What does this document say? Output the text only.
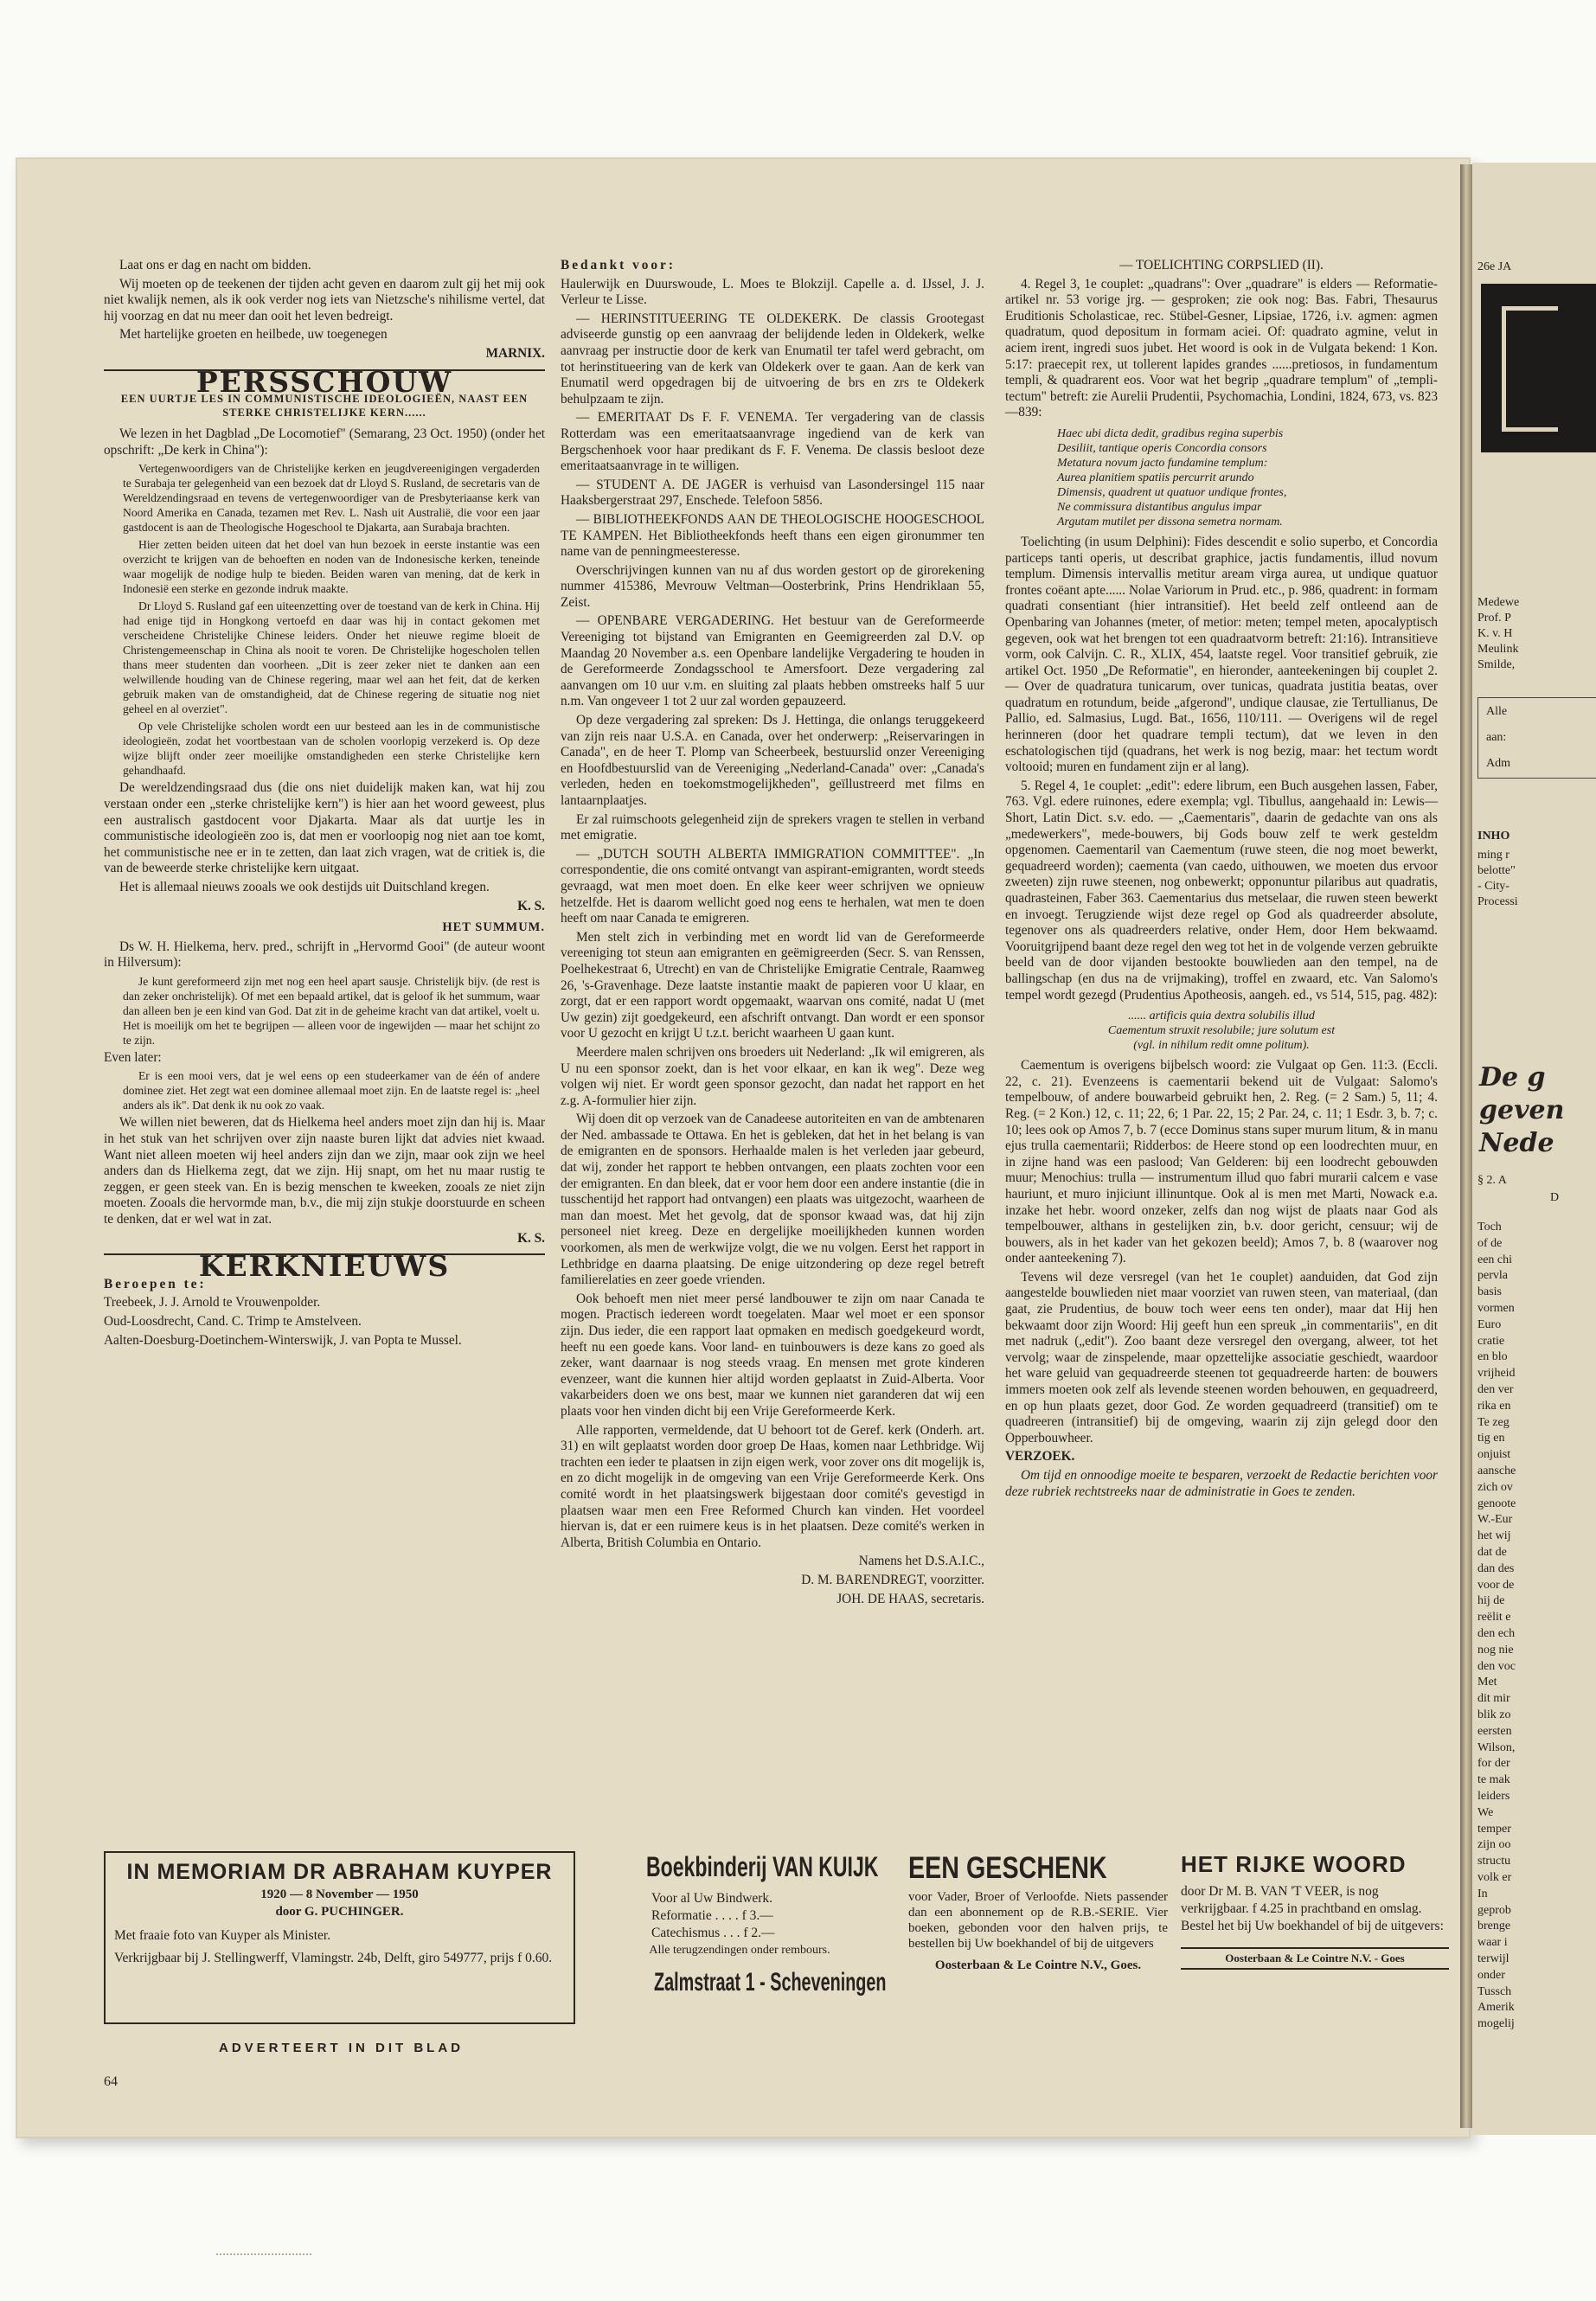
Laat ons er dag en nacht om bidden.

Wij moeten op de teekenen der tijden acht geven en daarom zult gij het mij ook niet kwalijk nemen, als ik ook verder nog iets van Nietzsche's nihilisme vertel, dat hij voorzag en dat nu meer dan ooit het leven bedreigt.

Met hartelijke groeten en heilbede, uw toegenegen

MARNIX.

PERSSCHOUW
EEN UURTJE LES IN COMMUNISTISCHE IDEOLOGIEËN, NAAST EEN STERKE CHRISTELIJKE KERN......

We lezen in het Dagblad „De Locomotief" (Semarang, 23 Oct. 1950) (onder het opschrift: „De kerk in China"):

Vertegenwoordigers van de Christelijke kerken en jeugdvereenigingen vergaderden te Surabaja ter gelegenheid van een bezoek dat dr Lloyd S. Rusland, de secretaris van de Wereldzendingsraad en tevens de vertegenwoordiger van de Presbyteriaanse kerk van Noord Amerika en Canada, tezamen met Rev. L. Nash uit Australië, die voor een jaar gastdocent is aan de Theologische Hogeschool te Djakarta, aan Surabaja brachten.

Hier zetten beiden uiteen dat het doel van hun bezoek in eerste instantie was een overzicht te krijgen van de behoeften en noden van de Indonesische kerken, teneinde waar mogelijk de nodige hulp te bieden. Beiden waren van mening, dat de kerk in Indonesië een sterke en gezonde indruk maakte.

Dr Lloyd S. Rusland gaf een uiteenzetting over de toestand van de kerk in China. Hij had enige tijd in Hongkong vertoefd en daar was hij in contact gekomen met verscheidene Christelijke Chinese leiders. Onder het nieuwe regime bloeit de Christengemeenschap in China als nooit te voren. De Christelijke hogescholen tellen thans meer studenten dan voorheen. „Dit is zeer zeker niet te danken aan een welwillende houding van de Chinese regering, maar wel aan het feit, dat de kerken gebruik maken van de omstandigheid, dat de Chinese regering de situatie nog niet geheel en al overziet".

Op vele Christelijke scholen wordt een uur besteed aan les in de communistische ideologieën, zodat het voortbestaan van de scholen voorlopig verzekerd is. Op deze wijze blijft onder zeer moeilijke omstandigheden een sterke Christelijke kern gehandhaafd.

De wereldzendingsraad dus (die ons niet duidelijk maken kan, wat hij zou verstaan onder een „sterke christelijke kern") is hier aan het woord geweest, plus een australisch gastdocent voor Djakarta. Maar als dat uurtje les in communistische ideologieën zoo is, dat men er voorloopig nog niet aan toe komt, het communistische nee er in te zetten, dan laat zich vragen, wat de critiek is, die van de beweerde sterke christelijke kern uitgaat.

Het is allemaal nieuws zooals we ook destijds uit Duitschland kregen.

K. S.

HET SUMMUM.

Ds W. H. Hielkema, herv. pred., schrijft in „Hervormd Gooi" (de auteur woont in Hilversum):

Je kunt gereformeerd zijn met nog een heel apart sausje. Christelijk bijv. (de rest is dan zeker onchristelijk). Of met een bepaald artikel, dat is geloof ik het summum, waar dan alleen ben je een kind van God. Dat zit in de geheime kracht van dat artikel, voelt u. Het is moeilijk om het te begrijpen — alleen voor de ingewijden — maar het schijnt zo te zijn.

Even later:

Er is een mooi vers, dat je wel eens op een studeerkamer van de één of andere dominee ziet. Het zegt wat een dominee allemaal moet zijn. En de laatste regel is: „heel anders als ik". Dat denk ik nu ook zo vaak.

We willen niet beweren, dat ds Hielkema heel anders moet zijn dan hij is. Maar in het stuk van het schrijven over zijn naaste buren lijkt dat advies niet kwaad. Want niet alleen moeten wij heel anders zijn dan we zijn, maar ook zijn we heel anders dan ds Hielkema zegt, dat we zijn. Hij snapt, om het nu maar rustig te zeggen, er geen steek van. En is bezig menschen te kweeken, zooals ze niet zijn moeten. Zooals die hervormde man, b.v., die mij zijn stukje doorstuurde en scheen te denken, dat er wel wat in zat.

K. S.

KERKNIEUWS

Beroepen te:

Treebeek, J. J. Arnold te Vrouwenpolder.

Oud-Loosdrecht, Cand. C. Trimp te Amstelveen.

Aalten-Doesburg-Doetinchem-Winterswijk, J. van Popta te Mussel.

Bedankt voor:

Haulerwijk en Duurswoude, L. Moes te Blokzijl. Capelle a. d. IJssel, J. J. Verleur te Lisse.

— HERINSTITUEERING TE OLDEKERK. De classis Grootegast adviseerde gunstig op een aanvraag der belijdende leden in Oldekerk, welke aanvraag per instructie door de kerk van Enumatil ter tafel werd gebracht, om tot herinstitueering van de kerk van Oldekerk over te gaan. Aan de kerk van Enumatil werd opgedragen bij de uitvoering de brs en zrs te Oldekerk behulpzaam te zijn.

— EMERITAAT Ds F. F. VENEMA. Ter vergadering van de classis Rotterdam was een emeritaatsaanvrage ingediend van de kerk van Bergschenhoek voor haar predikant ds F. F. Venema. De classis besloot deze emeritaatsaanvrage in te willigen.

— STUDENT A. DE JAGER is verhuisd van Lasondersingel 115 naar Haaksbergerstraat 297, Enschede. Telefoon 5856.

— BIBLIOTHEEKFONDS AAN DE THEOLOGISCHE HOOGESCHOOL TE KAMPEN. Het Bibliotheekfonds heeft thans een eigen gironummer ten name van de penningmeesteresse.

Overschrijvingen kunnen van nu af dus worden gestort op de girorekening nummer 415386, Mevrouw Veltman—Oosterbrink, Prins Hendriklaan 55, Zeist.

— OPENBARE VERGADERING. Het bestuur van de Gereformeerde Vereeniging tot bijstand van Emigranten en Geemigreerden zal D.V. op Maandag 20 November a.s. een Openbare landelijke Vergadering te houden in de Gereformeerde Zondagsschool te Amersfoort. Deze vergadering zal aanvangen om 10 uur v.m. en sluiting zal plaats hebben omstreeks half 5 uur n.m. Van ongeveer 1 tot 2 uur zal worden gepauzeerd.

Op deze vergadering zal spreken: Ds J. Hettinga, die onlangs teruggekeerd van zijn reis naar U.S.A. en Canada, over het onderwerp: „Reiservaringen in Canada", en de heer T. Plomp van Scheerbeek, bestuurslid onzer Vereeniging en Hoofdbestuurslid van de Vereeniging „Nederland-Canada" over: „Canada's verleden, heden en toekomstmogelijkheden", geïllustreerd met films en lantaarnplaatjes.

Er zal ruimschoots gelegenheid zijn de sprekers vragen te stellen in verband met emigratie.

— „DUTCH SOUTH ALBERTA IMMIGRATION COMMITTEE". „In correspondentie, die ons comité ontvangt van aspirant-emigranten, wordt steeds gevraagd, wat men moet doen. En elke keer weer schrijven we opnieuw hetzelfde. Het is daarom wellicht goed nog eens te herhalen, wat men te doen heeft om naar Canada te emigreren.

Men stelt zich in verbinding met en wordt lid van de Gereformeerde vereeniging tot steun aan emigranten en geëmigreerden (Secr. S. van Renssen, Poelhekestraat 6, Utrecht) en van de Christelijke Emigratie Centrale, Raamweg 26, 's-Gravenhage. Deze laatste instantie maakt de papieren voor U klaar, en zorgt, dat er een rapport wordt opgemaakt, waarvan ons comité, nadat U (met Uw gezin) zijt goedgekeurd, een afschrift ontvangt. Dan wordt er een sponsor voor U gezocht en krijgt U t.z.t. bericht waarheen U gaan kunt.

Meerdere malen schrijven ons broeders uit Nederland: „Ik wil emigreren, als U nu een sponsor zoekt, dan is het voor elkaar, en kan ik weg". Deze weg volgen wij niet. Er wordt geen sponsor gezocht, dan nadat het rapport en het z.g. A-formulier hier zijn.

Wij doen dit op verzoek van de Canadeese autoriteiten en van de ambtenaren der Ned. ambassade te Ottawa. En het is gebleken, dat het in het belang is van de emigranten en de sponsors. Herhaalde malen is het verleden jaar gebeurd, dat wij, zonder het rapport te hebben ontvangen, een plaats zochten voor een der emigranten. En dan bleek, dat er voor hem door een andere instantie (die in tusschentijd het rapport had ontvangen) een plaats was uitgezocht, waarheen de man dan moest. Met het gevolg, dat de sponsor kwaad was, dat hij zijn personeel niet kreeg. Deze en dergelijke moeilijkheden kunnen worden voorkomen, als men de werkwijze volgt, die we nu volgen. Eerst het rapport in Lethbridge en daarna plaatsing. De enige uitzondering op deze regel betreft familierelaties en zeer goede vrienden.

Ook behoeft men niet meer persé landbouwer te zijn om naar Canada te mogen. Practisch iedereen wordt toegelaten. Maar wel moet er een sponsor zijn. Dus ieder, die een rapport laat opmaken en medisch goedgekeurd wordt, heeft nu een goede kans. Voor land- en tuinbouwers is deze kans zo goed als zeker, want daarnaar is nog steeds vraag. En mensen met grote kinderen evenzeer, want die kunnen hier altijd worden geplaatst in Zuid-Alberta. Voor vakarbeiders doen we ons best, maar we kunnen niet garanderen dat wij een plaats voor hen vinden dicht bij een Vrije Gereformeerde Kerk.

Alle rapporten, vermeldende, dat U behoort tot de Geref. kerk (Onderh. art. 31) en wilt geplaatst worden door groep De Haas, komen naar Lethbridge. Wij trachten een ieder te plaatsen in zijn eigen werk, voor zover ons dit mogelijk is, en zo dicht mogelijk in de omgeving van een Vrije Gereformeerde Kerk. Ons comité wordt in het plaatsingswerk bijgestaan door comité's gevestigd in plaatsen waar men een Free Reformed Church kan vinden. Het voordeel hiervan is, dat er een ruimere keus is in het plaatsen. Deze comité's werken in Alberta, British Columbia en Ontario.

Namens het D.S.A.I.C.,

D. M. BARENDREGT, voorzitter.

JOH. DE HAAS, secretaris.

— TOELICHTING CORPSLIED (II).

4. Regel 3, 1e couplet: „quadrans": Over „quadrare" is elders — Reformatie-artikel nr. 53 vorige jrg. — gesproken; zie ook nog: Bas. Fabri, Thesaurus Eruditionis Scholasticae, rec. Stübel-Gesner, Lipsiae, 1726, i.v. agmen: agmen quadratum, quod depositum in formam aciei. Of: quadrato agmine, velut in aciem irent, ingredi suos jubet. Het woord is ook in de Vulgata bekend: 1 Kon. 5:17: praecepit rex, ut tollerent lapides grandes ......pretiosos, in fundamentum templi, & quadrarent eos. Voor wat het begrip „quadrare templum" of „templi-tectum" betreft: zie Aurelii Prudentii, Psychomachia, Londini, 1824, 673, vs. 823—839:

Haec ubi dicta dedit, gradibus regina superbis
Desiliit, tantique operis Concordia consors
Metatura novum jacto fundamine templum:
Aurea planitiem spatiis percurrit arundo
Dimensis, quadrent ut quatuor undique frontes,
Ne commissura distantibus angulus impar
Argutam mutilet per dissona semetra normam.

Toelichting (in usum Delphini): Fides descendit e solio superbo, et Concordia particeps tanti operis, ut describat graphice, jactis fundamentis, illud novum templum. Dimensis intervallis metitur aream virga aurea, ut undique quatuor frontes coëant apte...... Nolae Variorum in Prud. etc., p. 986, quadrent: in formam quadrati consentiant (hier intransitief). Het beeld zelf ontleend aan de Openbaring van Johannes (meter, of metior: meten; tempel meten, apocalyptisch gegeven, ook wat het brengen tot een quadraatvorm betreft: 21:16). Intransitieve vorm, ook Calvijn. C. R., XLIX, 454, laatste regel. Voor transitief gebruik, zie artikel Oct. 1950 „De Reformatie", en hieronder, aanteekeningen bij couplet 2. — Over de quadratura tunicarum, over tunicas, quadrata justitia beatas, over quadratum en rotundum, beide „afgerond", undique clausae, zie Tertullianus, De Pallio, ed. Salmasius, Lugd. Bat., 1656, 110/111. — Overigens wil de regel herinneren (door het quadrare templi tectum), dat we leven in den eschatologischen tijd (quadrans, het werk is nog bezig, maar: het tectum wordt voltooid; muren en fundament zijn er al lang).

5. Regel 4, 1e couplet: „edit": edere librum, een Buch ausgehen lassen, Faber, 763. Vgl. edere ruinones, edere exempla; vgl. Tibullus, aangehaald in: Lewis—Short, Latin Dict. s.v. edo. — „Caementaris", daarin de gedachte van ons als „medewerkers", mede-bouwers, bij Gods bouw zelf te werk gesteldm opgenomen. Caementaril van Caementum (ruwe steen, die nog moet bewerkt, gequadreerd worden); caementa (van caedo, uithouwen, we moeten dus ervoor zweeten) zijn ruwe steenen, nog onbewerkt; opponuntur pilaribus aut quadratis, quadrasteinen, Faber 363. Caementarius dus metselaar, die ruwen steen bewerkt en invoegt. Terugziende wijst deze regel op God als quadreerder absolute, tegenover ons als quadreerders relative, onder Hem, door Hem bekwaamd. Vooruitgrijpend baant deze regel den weg tot het in de volgende verzen gebruikte beeld van de door vijanden bestookte bouwlieden aan den tempel, na de ballingschap (en dus na de vrijmaking), troffel en zwaard, etc. Van Salomo's tempel wordt gezegd (Prudentius Apotheosis, aangeh. ed., vs 514, 515, pag. 482):

...... artificis quia dextra solubilis illud
Caementum struxit resolubile; jure solutum est
(vgl. in nihilum redit omne politum).

Caementum is overigens bijbelsch woord: zie Vulgaat op Gen. 11:3. (Eccli. 22, c. 21). Evenzeens is caementarii bekend uit de Vulgaat: Salomo's tempelbouw, of andere bouwarbeid gebruikt hen, 2. Reg. (= 2 Sam.) 5, 11; 4. Reg. (= 2 Kon.) 12, c. 11; 22, 6; 1 Par. 22, 15; 2 Par. 24, c. 11; 1 Esdr. 3, b. 7; c. 10; lees ook op Amos 7, b. 7 (ecce Dominus stans super murum litum, & in manu ejus trulla caementarii; Ridderbos: de Heere stond op een loodrechten muur, en in zijne hand was een paslood; Van Gelderen: bij een loodrecht gebouwden muur; Menochius: trulla — instrumentum illud quo fabri murarii calcem e vase hauriunt, et muro injiciunt illinuntque. Ook al is men met Marti, Nowack e.a. inzake het hebr. woord onzeker, zelfs dan nog wijst de plaats naar God als tempelbouwer, althans in gestelijken zin, b.v. door gericht, censuur; wij de bouwers, als in het kader van het gekozen beeld); Amos 7, b. 8 (waarover nog onder aanteekening 7).

Tevens wil deze versregel (van het 1e couplet) aanduiden, dat God zijn aangestelde bouwlieden niet maar voorziet van ruwen steen, van materiaal, (dan gaat, zie Prudentius, de bouw toch weer eens ten onder), maar dat Hij hen bekwaamt door zijn Woord: Hij geeft hun een spreuk „in commentariis", en dit met nadruk („edit"). Zoo baant deze versregel den overgang, alweer, tot het vervolg; waar de zinspelende, maar opzettelijke associatie geschiedt, waardoor het ware geluid van gequadreerde steenen tot gequadreerde harten: de bouwers immers moeten ook zelf als levende steenen worden behouwen, en gequadreerd, en op hun plaats gezet, door God. Ze worden gequadreerd (transitief) om te quadreeren (intransitief) bij de omgeving, waarin zij zijn gelegd door den Opperbouwheer.

VERZOEK.

Om tijd en onnoodige moeite te besparen, verzoekt de Redactie berichten voor deze rubriek rechtstreeks naar de administratie in Goes te zenden.

IN MEMORIAM DR ABRAHAM KUYPER
1920 — 8 November — 1950
door G. PUCHINGER.
Met fraaie foto van Kuyper als Minister.
Verkrijgbaar bij J. Stellingwerff, Vlamingstr. 24b, Delft, giro 549777, prijs f 0.60.
ADVERTEERT IN DIT BLAD
Boekbinderij VAN KUIJK
Voor al Uw Bindwerk.
Reformatie . . . . f 3.—
Catechismus . . . f 2.—
Alle terugzendingen onder rembours.
Zalmstraat 1 - Scheveningen
EEN GESCHENK
voor Vader, Broer of Verloofde. Niets passender dan een abonnement op de R.B.-SERIE. Vier boeken, gebonden voor den halven prijs, te bestellen bij Uw boekhandel of bij de uitgevers
Oosterbaan & Le Cointre N.V., Goes.
HET RIJKE WOORD
door Dr M. B. VAN 'T VEER, is nog verkrijgbaar. f 4.25 in prachtband en omslag. Bestel het bij Uw boekhandel of bij de uitgevers:
Oosterbaan & Le Cointre N.V. - Goes
64
26e JA
Medewe
Prof. P
K. v. H
Meulink
Smilde,
Alle
aan:
Adm
INHO
ming r
belotte"
- City-
Processi
De g
geven
Nede
§ 2. A
D
Toch
of de
een chi
pervla
basis
vormen
Euro
cratie
en blo
vrijheid
den ver
rika en
Te zeg
tig en
onjuist
aansche
zich ov
genoote
W.-Eur
het wij
dat de
dan des
voor de
hij de
reëlit e
den ech
nog nie
den voc
Met
dit mir
blik zo
eersten
Wilson,
for der
te mak
leiders
We
temper
zijn oo
structu
volk er
In
geprob
brenge
waar i
terwijl
onder
Tussch
Amerik
mogelij
